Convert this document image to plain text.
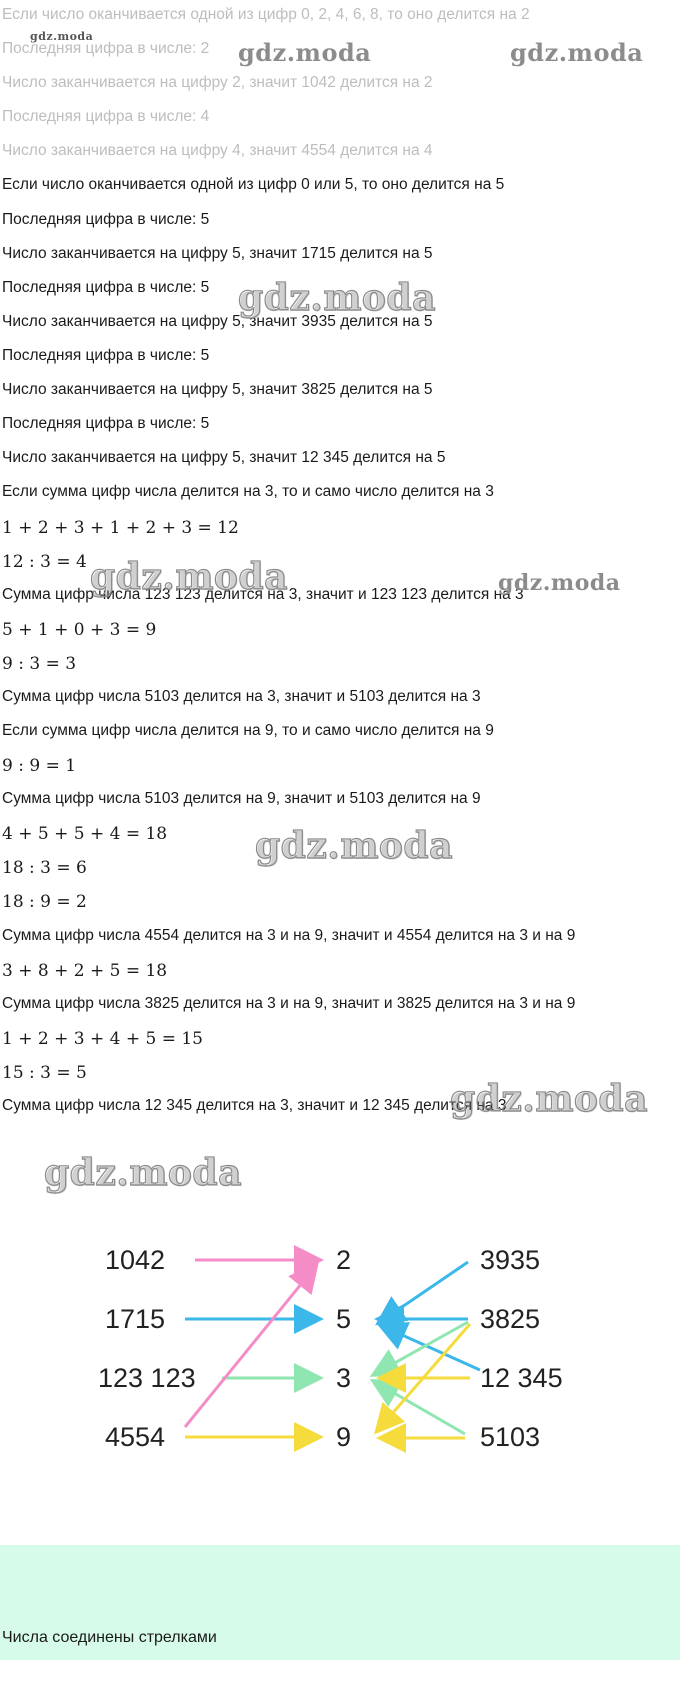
Если число оканчивается одной из цифр 0, 2, 4, 6, 8, то оно делится на 2
Последняя цифра в числе: 2
Число заканчивается на цифру 2, значит 1042 делится на 2
Последняя цифра в числе: 4
Число заканчивается на цифру 4, значит 4554 делится на 4
Если число оканчивается одной из цифр 0 или 5, то оно делится на 5
Последняя цифра в числе: 5
Число заканчивается на цифру 5, значит 1715 делится на 5
Последняя цифра в числе: 5
Число заканчивается на цифру 5, значит 3935 делится на 5
Последняя цифра в числе: 5
Число заканчивается на цифру 5, значит 3825 делится на 5
Последняя цифра в числе: 5
Число заканчивается на цифру 5, значит 12 345 делится на 5
Если сумма цифр числа делится на 3, то и само число делится на 3
1 + 2 + 3 + 1 + 2 + 3 = 12
12 : 3 = 4
Сумма цифр числа 123 123 делится на 3, значит и 123 123 делится на 3
5 + 1 + 0 + 3 = 9
9 : 3 = 3
Сумма цифр числа 5103 делится на 3, значит и 5103 делится на 3
Если сумма цифр числа делится на 9, то и само число делится на 9
9 : 9 = 1
Сумма цифр числа 5103 делится на 9, значит и 5103 делится на 9
4 + 5 + 5 + 4 = 18
18 : 3 = 6
18 : 9 = 2
Сумма цифр числа 4554 делится на 3 и на 9, значит и 4554 делится на 3 и на 9
3 + 8 + 2 + 5 = 18
Сумма цифр числа 3825 делится на 3 и на 9, значит и 3825 делится на 3 и на 9
1 + 2 + 3 + 4 + 5 = 15
15 : 3 = 5
Сумма цифр числа 12 345 делится на 3, значит и 12 345 делится на 3
gdz.moda
gdz.moda	gdz.moda
gdz.moda
gdz.moda	gdz.moda
gdz.moda
gdz.moda
gdz.moda
1042
1715
123 123
4554
2
5
3
9
3935
3825
12 345
5103
Числа соединены стрелками
